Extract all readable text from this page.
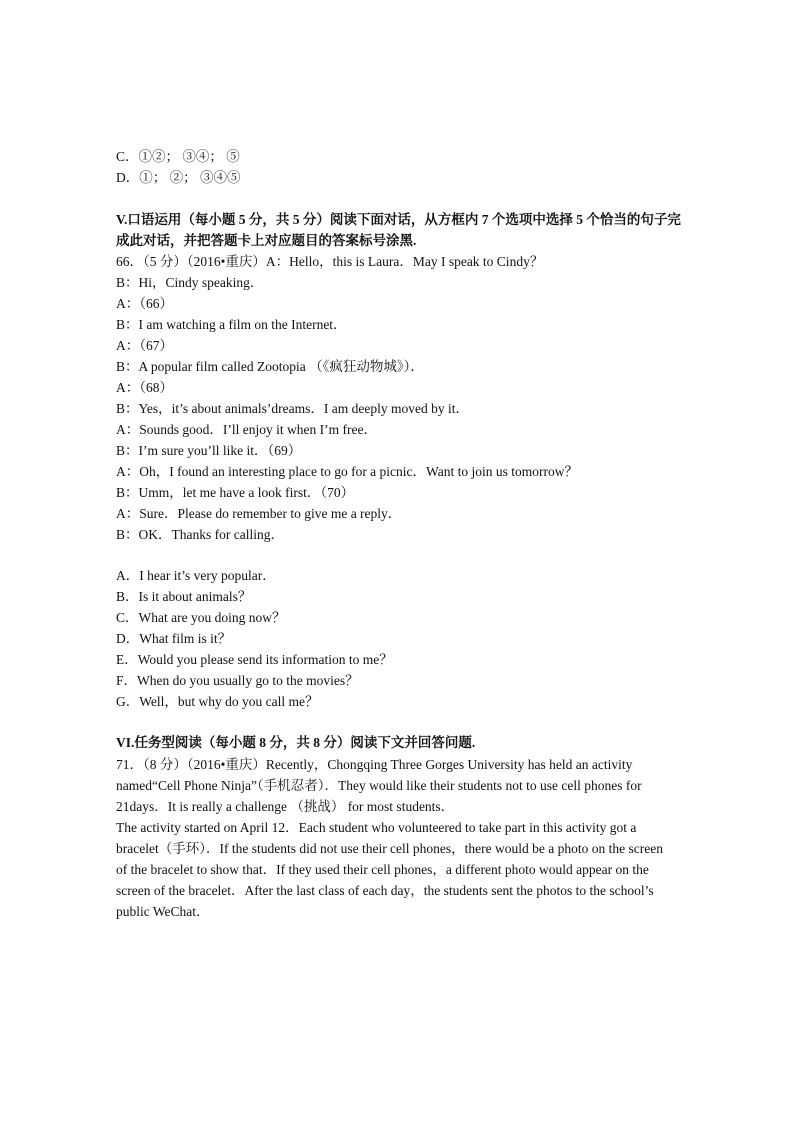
C．①②； ③④； ⑤
D．①； ②； ③④⑤
V.口语运用（每小题 5 分，共 5 分）阅读下面对话，从方框内 7 个选项中选择 5 个恰当的句子完
成此对话，并把答题卡上对应题目的答案标号涂黑.
66．（5 分）（2016•重庆）A：Hello，this is Laura．May I speak to Cindy？
B：Hi，Cindy speaking．
A：（66）
B：I am watching a film on the Internet．
A：（67）
B：A popular film called Zootopia （《疯狂动物城》）．
A：（68）
B：Yes，it’s about animals’dreams．I am deeply moved by it．
A：Sounds good．I’ll enjoy it when I’m free．
B：I’m sure you’ll like it．（69）
A：Oh，I found an interesting place to go for a picnic．Want to join us tomorrow？
B：Umm，let me have a look first．（70）
A：Sure．Please do remember to give me a reply．
B：OK．Thanks for calling．
A．I hear it’s very popular．
B．Is it about animals？
C．What are you doing now？
D．What film is it？
E．Would you please send its information to me？
F．When do you usually go to the movies？
G．Well，but why do you call me？
VI.任务型阅读（每小题 8 分，共 8 分）阅读下文并回答问题.
71．（8 分）（2016•重庆）Recently，Chongqing Three Gorges University has held an activity
named“Cell Phone Ninja”（手机忍者）．They would like their students not to use cell phones for
21days．It is really a challenge （挑战） for most students．
The activity started on April 12．Each student who volunteered to take part in this activity got a
bracelet（手环）．If the students did not use their cell phones，there would be a photo on the screen
of the bracelet to show that．If they used their cell phones，a different photo would appear on the
screen of the bracelet．After the last class of each day，the students sent the photos to the school’s
public WeChat．
